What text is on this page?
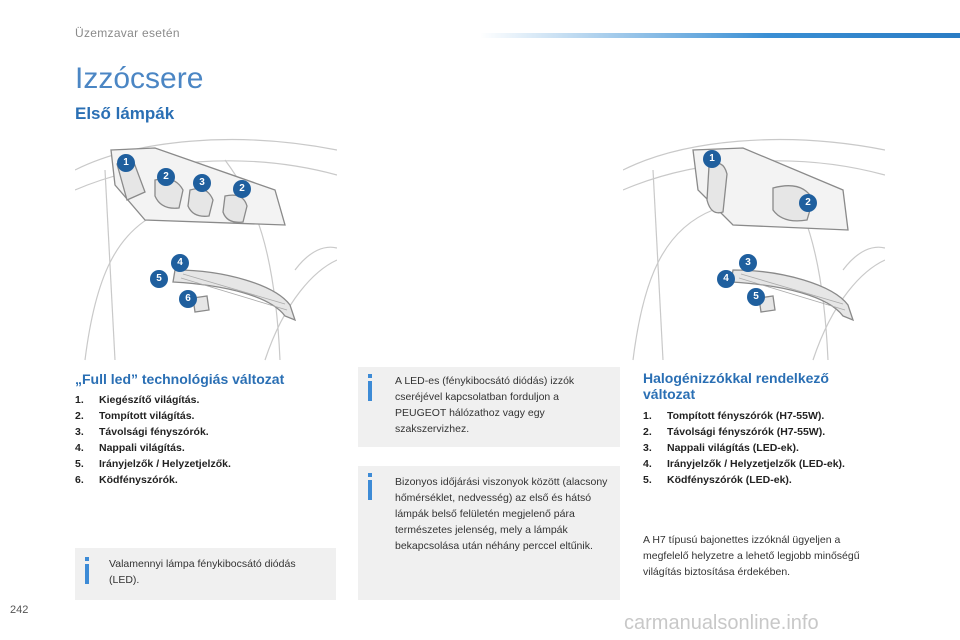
Üzemzavar esetén
Izzócsere
Első lámpák
1
2
3
2
4
5
6
1
2
3
4
5
„Full led” technológiás változat
1.	Kiegészítő világítás.
2.	Tompított világítás.
3.	Távolsági fényszórók.
4.	Nappali világítás.
5.	Irányjelzők / Helyzetjelzők.
6.	Ködfényszórók.
Valamennyi lámpa fénykibocsátó diódás (LED).
A LED-es (fénykibocsátó diódás) izzók cseréjével kapcsolatban forduljon a PEUGEOT hálózathoz vagy egy szakszervizhez.
Bizonyos időjárási viszonyok között (alacsony hőmérséklet, nedvesség) az első és hátsó lámpák belső felületén megjelenő pára természetes jelenség, mely a lámpák bekapcsolása után néhány perccel eltűnik.
Halogénizzókkal rendelkező változat
1.	Tompított fényszórók (H7-55W).
2.	Távolsági fényszórók (H7-55W).
3.	Nappali világítás (LED-ek).
4.	Irányjelzők / Helyzetjelzők (LED-ek).
5.	Ködfényszórók (LED-ek).
A H7 típusú bajonettes izzóknál ügyeljen a megfelelő helyzetre a lehető legjobb minőségű világítás biztosítása érdekében.
242
carmanualsonline.info
